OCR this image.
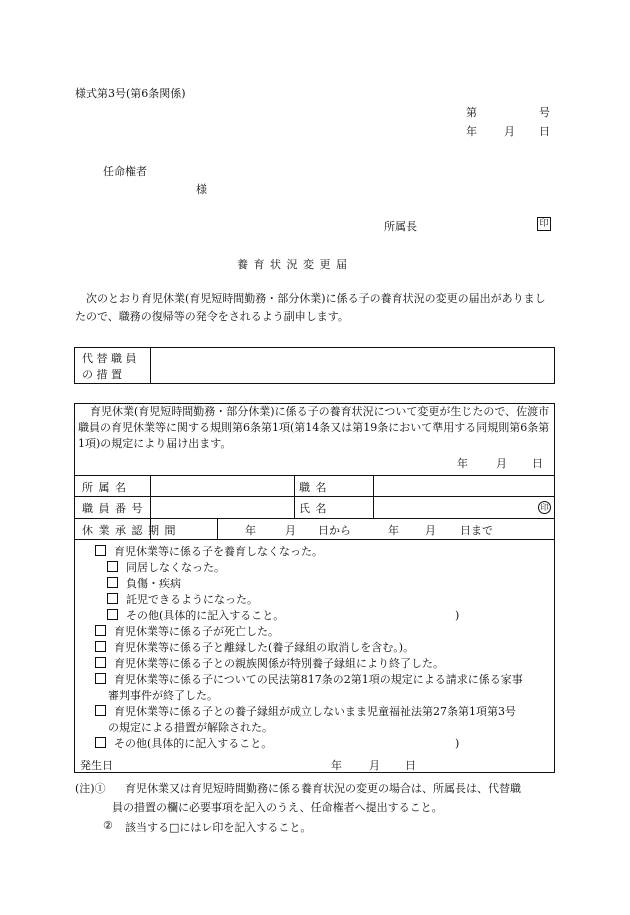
様式第3号(第6条関係)
第	号
年 月 日
任命権者
様
所属長	印
養 育 状 況 変 更 届
次のとおり育児休業(育児短時間勤務・部分休業)に係る子の養育状況の変更の届出がありましたので、職務の復帰等の発令をされるよう副申します。
代 替 職 員
の 措 置
育児休業(育児短時間勤務・部分休業)に係る子の養育状況について変更が生じたので、佐渡市職員の育児休業等に関する規則第6条第1項(第14条又は第19条において準用する同規則第6条第1項)の規定により届け出ます。
年	月 日
所 属 名	職 名
職 員 番 号	氏 名	印
休 業 承 認 期 間	年	月 日から	年 月 日まで
育児休業等に係る子を養育しなくなった。
同居しなくなった。
負傷・疾病
託児できるようになった。
その他(具体的に記入すること。	)
育児休業等に係る子が死亡した。
育児休業等に係る子と離縁した(養子縁組の取消しを含む。)。
育児休業等に係る子との親族関係が特別養子縁組により終了した。
育児休業等に係る子についての民法第817条の2第1項の規定による請求に係る家事
審判事件が終了した。
育児休業等に係る子との養子縁組が成立しないまま児童福祉法第27条第1項第3号
の規定による措置が解除された。
その他(具体的に記入すること。	)
発生日	年 月 日
(注)① 育児休業又は育児短時間勤務に係る養育状況の変更の場合は、所属長は、代替職
員の措置の欄に必要事項を記入のうえ、任命権者へ提出すること。
② 該当する□にはレ印を記入すること。
